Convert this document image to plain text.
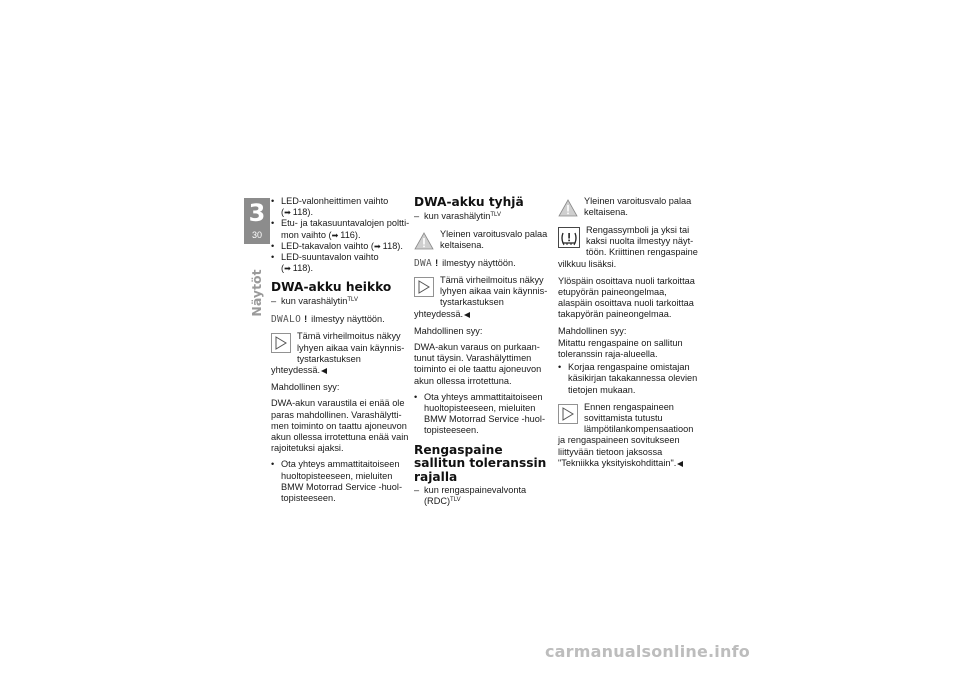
3
30
Näytöt
• LED-valonheittimen vaihto
(➡ 118).
• Etu- ja takasuuntavalojen polttimon vaihto (➡ 116).
• LED-takavalon vaihto (➡ 118).
• LED-suuntavalon vaihto
(➡ 118).
DWA-akku heikko
– kun varashälytin$^{TLV}$

DWALO ! ilmestyy näyttöön.

Tämä virheilmoitus näkyy lyhyen aikaa vain käynnistystarkastuksen yhteydessä.

Mahdollinen syy:

DWA-akun varaustila ei enää ole paras mahdollinen. Varashälyttimen toiminto on taattu ajoneuvon akun ollessa irrotettuna enää vain rajoitetuksi ajaksi.

• Ota yhteys ammattitaitoiseen huoltopisteeseen, mieluiten BMW Motorrad Service -huoltopisteeseen.
DWA-akku tyhjä
– kun varashälytin$^{TLV}$
Yleinen varoitusvalo palaa keltaisena.

DWA ! ilmestyy näyttöön.

Tämä virheilmoitus näkyy lyhyen aikaa vain käynnistystarkastuksen yhteydessä.

Mahdollinen syy:

DWA-akun varaus on purkaantunut täysin. Varashälyttimen toiminto ei ole taattu ajoneuvon akun ollessa irrotettuna.

• Ota yhteys ammattitaitoiseen huoltopisteeseen, mieluiten BMW Motorrad Service -huoltopisteeseen.
Rengaspaine sallitun toleranssin rajalla
– kun rengaspainevalvonta (RDC)$^{TLV}$
Yleinen varoitusvalo palaa keltaisena.
Rengassymboli ja yksi tai kaksi nuolta ilmestyy näyttöön. Kriittinen rengaspaine vilkkuu lisäksi.

Ylöspäin osoittava nuoli tarkoittaa etupyörän paineongelmaa, alaspäin osoittava nuoli tarkoittaa takapyörän paineongelmaa.

Mahdollinen syy:

Mitattu rengaspaine on sallitun toleranssin raja-alueella.

• Korjaa rengaspaine omistajan käsikirjan takakannessa olevien tietojen mukaan.
Ennen rengaspaineen sovittamista tutustu lämpötilankompensaatioon ja rengaspaineen sovitukseen liittyvään tietoon jaksossa "Tekniikka yksityiskohdittain".
carmanualsonline.info
